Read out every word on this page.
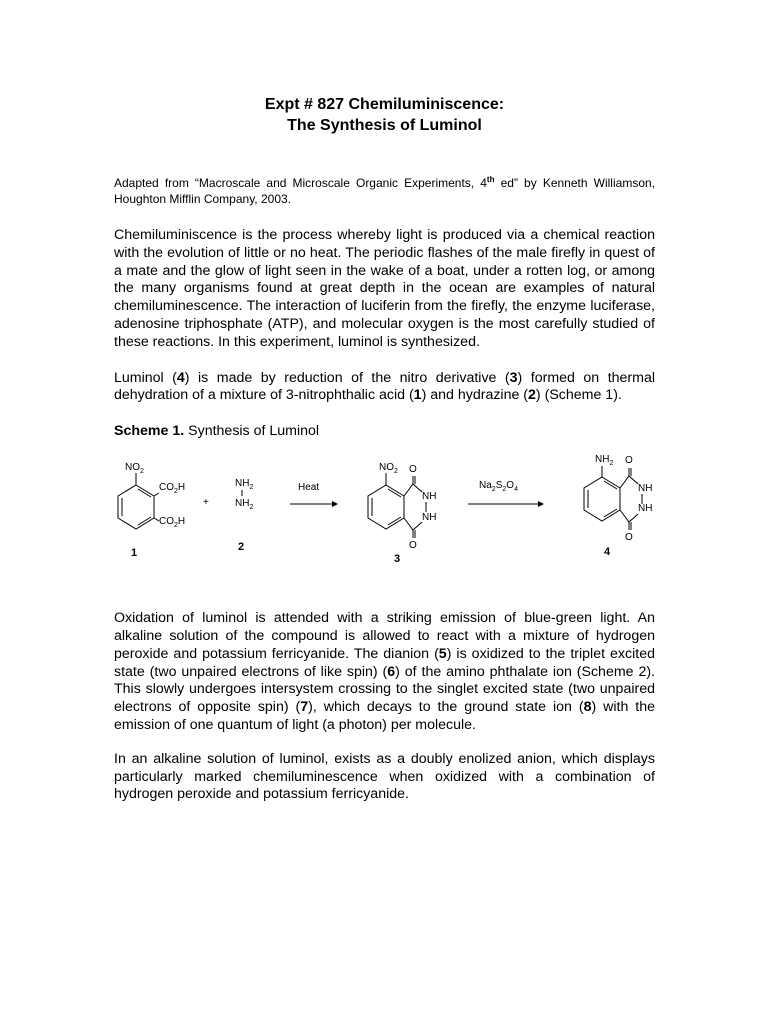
Expt # 827 Chemiluminiscence:

The Synthesis of Luminol

Adapted from “Macroscale and Microscale Organic Experiments, 4th ed” by Kenneth Williamson, Houghton Mifflin Company, 2003.

Chemiluminiscence is the process whereby light is produced via a chemical reaction with the evolution of little or no heat. The periodic flashes of the male firefly in quest of a mate and the glow of light seen in the wake of a boat, under a rotten log, or among the many organisms found at great depth in the ocean are examples of natural chemiluminescence. The interaction of luciferin from the firefly, the enzyme luciferase, adenosine triphosphate (ATP), and molecular oxygen is the most carefully studied of these reactions. In this experiment, luminol is synthesized.

Luminol (4) is made by reduction of the nitro derivative (3) formed on thermal dehydration of a mixture of 3-nitrophthalic acid (1) and hydrazine (2) (Scheme 1).

Scheme 1. Synthesis of Luminol
$NO_2$
$CO_2H$
$CO_2H$
1
+
$NH_2$
$NH_2$
2
Heat
$NO_2$ O
NH
NH
O
3
$Na_2S_2O_4$
$NH_2$ O
NH
NH
O
4

Oxidation of luminol is attended with a striking emission of blue-green light. An alkaline solution of the compound is allowed to react with a mixture of hydrogen peroxide and potassium ferricyanide. The dianion (5) is oxidized to the triplet excited state (two unpaired electrons of like spin) (6) of the amino phthalate ion (Scheme 2). This slowly undergoes intersystem crossing to the singlet excited state (two unpaired electrons of opposite spin) (7), which decays to the ground state ion (8) with the emission of one quantum of light (a photon) per molecule.

In an alkaline solution of luminol, exists as a doubly enolized anion, which displays particularly marked chemiluminescence when oxidized with a combination of hydrogen peroxide and potassium ferricyanide.
